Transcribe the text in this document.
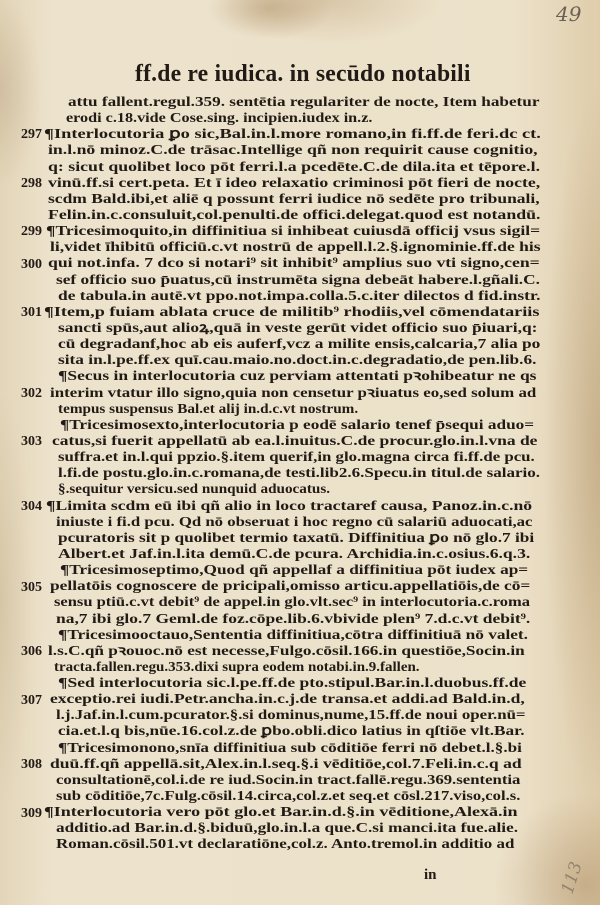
49
ff.de re iudica. in secūdo notabili
297
298
299
300
301
302
303
304
305
306
307
308
309
attu fallent.regul.359. sentētia regulariter de nocte, Item habetur
erodi c.18.vide Cose.sing. incipien.iudex in.z.
¶Interlocutoria ꝑo sic,Bal.in.l.more romano,in fi.ff.de feri.dc ct.
in.l.nō minoz.C.de trāsac.Intellige qñ non requirit cause cognitio,
q: sicut quolibet loco pōt ferri.l.a pcedēte.C.de dila.ita et tēpore.l.
vinū.ff.si cert.peta. Et ī ideo relaxatio criminosi pōt fieri de nocte,
scdm Bald.ibi,et aliē q possunt ferri iudice nō sedēte pro tribunali,
Felin.in.c.consuluit,col.penulti.de offici.delegat.quod est notandū.
¶Tricesimoquito,in diffinitiua si inhibeat cuiusdā officij vsus sigil=
li,videt īhibitū officiū.c.vt nostrū de appell.l.2.§.ignominie.ff.de his
qui not.infa. 7 dco si notari⁹ sit inhibit⁹ amplius suo vti signo,cen=
sef officio suo p̄uatus,cū instrumēta signa debeāt habere.l.gñali.C.
de tabula.in autē.vt ppo.not.impa.colla.5.c.iter dilectos d fid.instr.
¶Item,p fuiam ablata cruce de militib⁹ rhodiis,vel cōmendatariis
sancti spūs,aut alioꝝ,quā in veste gerūt videt officio suo p̄iuari,q:
cū degradanf,hoc ab eis auferf,vcz a milite ensis,calcaria,7 alia po
sita in.l.pe.ff.ex quī.cau.maio.no.doct.in.c.degradatio,de pen.lib.6.
¶Secus in interlocutoria cuz perviam attentati pꝛohibeatur ne qs
interim vtatur illo signo,quia non censetur pꝛiuatus eo,sed solum ad
tempus suspensus Bal.et alij in.d.c.vt nostrum.
¶Tricesimosexto,interlocutoria p eodē salario tenef p̄sequi aduo=
catus,si fuerit appellatū ab ea.l.inuitus.C.de procur.glo.in.l.vna de
suffra.et in.l.qui ppzio.§.item querif,in glo.magna circa fi.ff.de pcu.
l.fi.de postu.glo.in.c.romana,de testi.lib2.6.Specu.in titul.de salario.
§.sequitur versicu.sed nunquid aduocatus.
¶Limita scdm eū ibi qñ alio in loco tractaref causa, Panoz.in.c.nō
iniuste i fi.d pcu. Qd nō obseruat i hoc regno cū salariū aduocati,ac
pcuratoris sit p quolibet termio taxatū. Diffinitiua ꝑo nō glo.7 ibi
Albert.et Jaf.in.l.ita demū.C.de pcura. Archidia.in.c.osius.6.q.3.
¶Tricesimoseptimo,Quod qñ appellaf a diffinitiua pōt iudex ap=
pellatōis cognoscere de pricipali,omisso articu.appellatiōis,de cō=
sensu ptiū.c.vt debit⁹ de appel.in glo.vlt.sec⁹ in interlocutoria.c.roma
na,7 ibi glo.7 Geml.de foz.cōpe.lib.6.vbivide plen⁹ 7.d.c.vt debit⁹.
¶Tricesimooctauo,Sententia diffinitiua,cōtra diffinitiuā nō valet.
l.s.C.qñ pꝛouoc.nō est necesse,Fulgo.cōsil.166.in questiōe,Socin.in
tracta.fallen.regu.353.dixi supra eodem notabi.in.9.fallen.
¶Sed interlocutoria sic.l.pe.ff.de pto.stipul.Bar.in.l.duobus.ff.de
exceptio.rei iudi.Petr.ancha.in.c.j.de transa.et addi.ad Bald.in.d,
l.j.Jaf.in.l.cum.pcurator.§.si dominus,nume,15.ff.de noui oper.nū=
cia.et.l.q bis,nūe.16.col.z.de ꝑbo.obli.dico latius in qſtiōe vlt.Bar.
¶Tricesimonono,snīa diffinitiua sub cōditiōe ferri nō debet.l.§.bi
duū.ff.qñ appellā.sit,Alex.in.l.seq.§.i vēditiōe,col.7.Feli.in.c.q ad
consultationē,col.i.de re iud.Socin.in tract.fallē.regu.369.sententia
sub cōditiōe,7c.Fulg.cōsil.14.circa,col.z.et seq.et cōsl.217.viso,col.s.
¶Interlocutoria vero pōt glo.et Bar.in.d.§.in vēditione,Alexā.in
additio.ad Bar.in.d.§.biduū,glo.in.l.a que.C.si manci.ita fue.alie.
Roman.cōsil.501.vt declaratiōne,col.z. Anto.tremol.in additio ad
in	113
